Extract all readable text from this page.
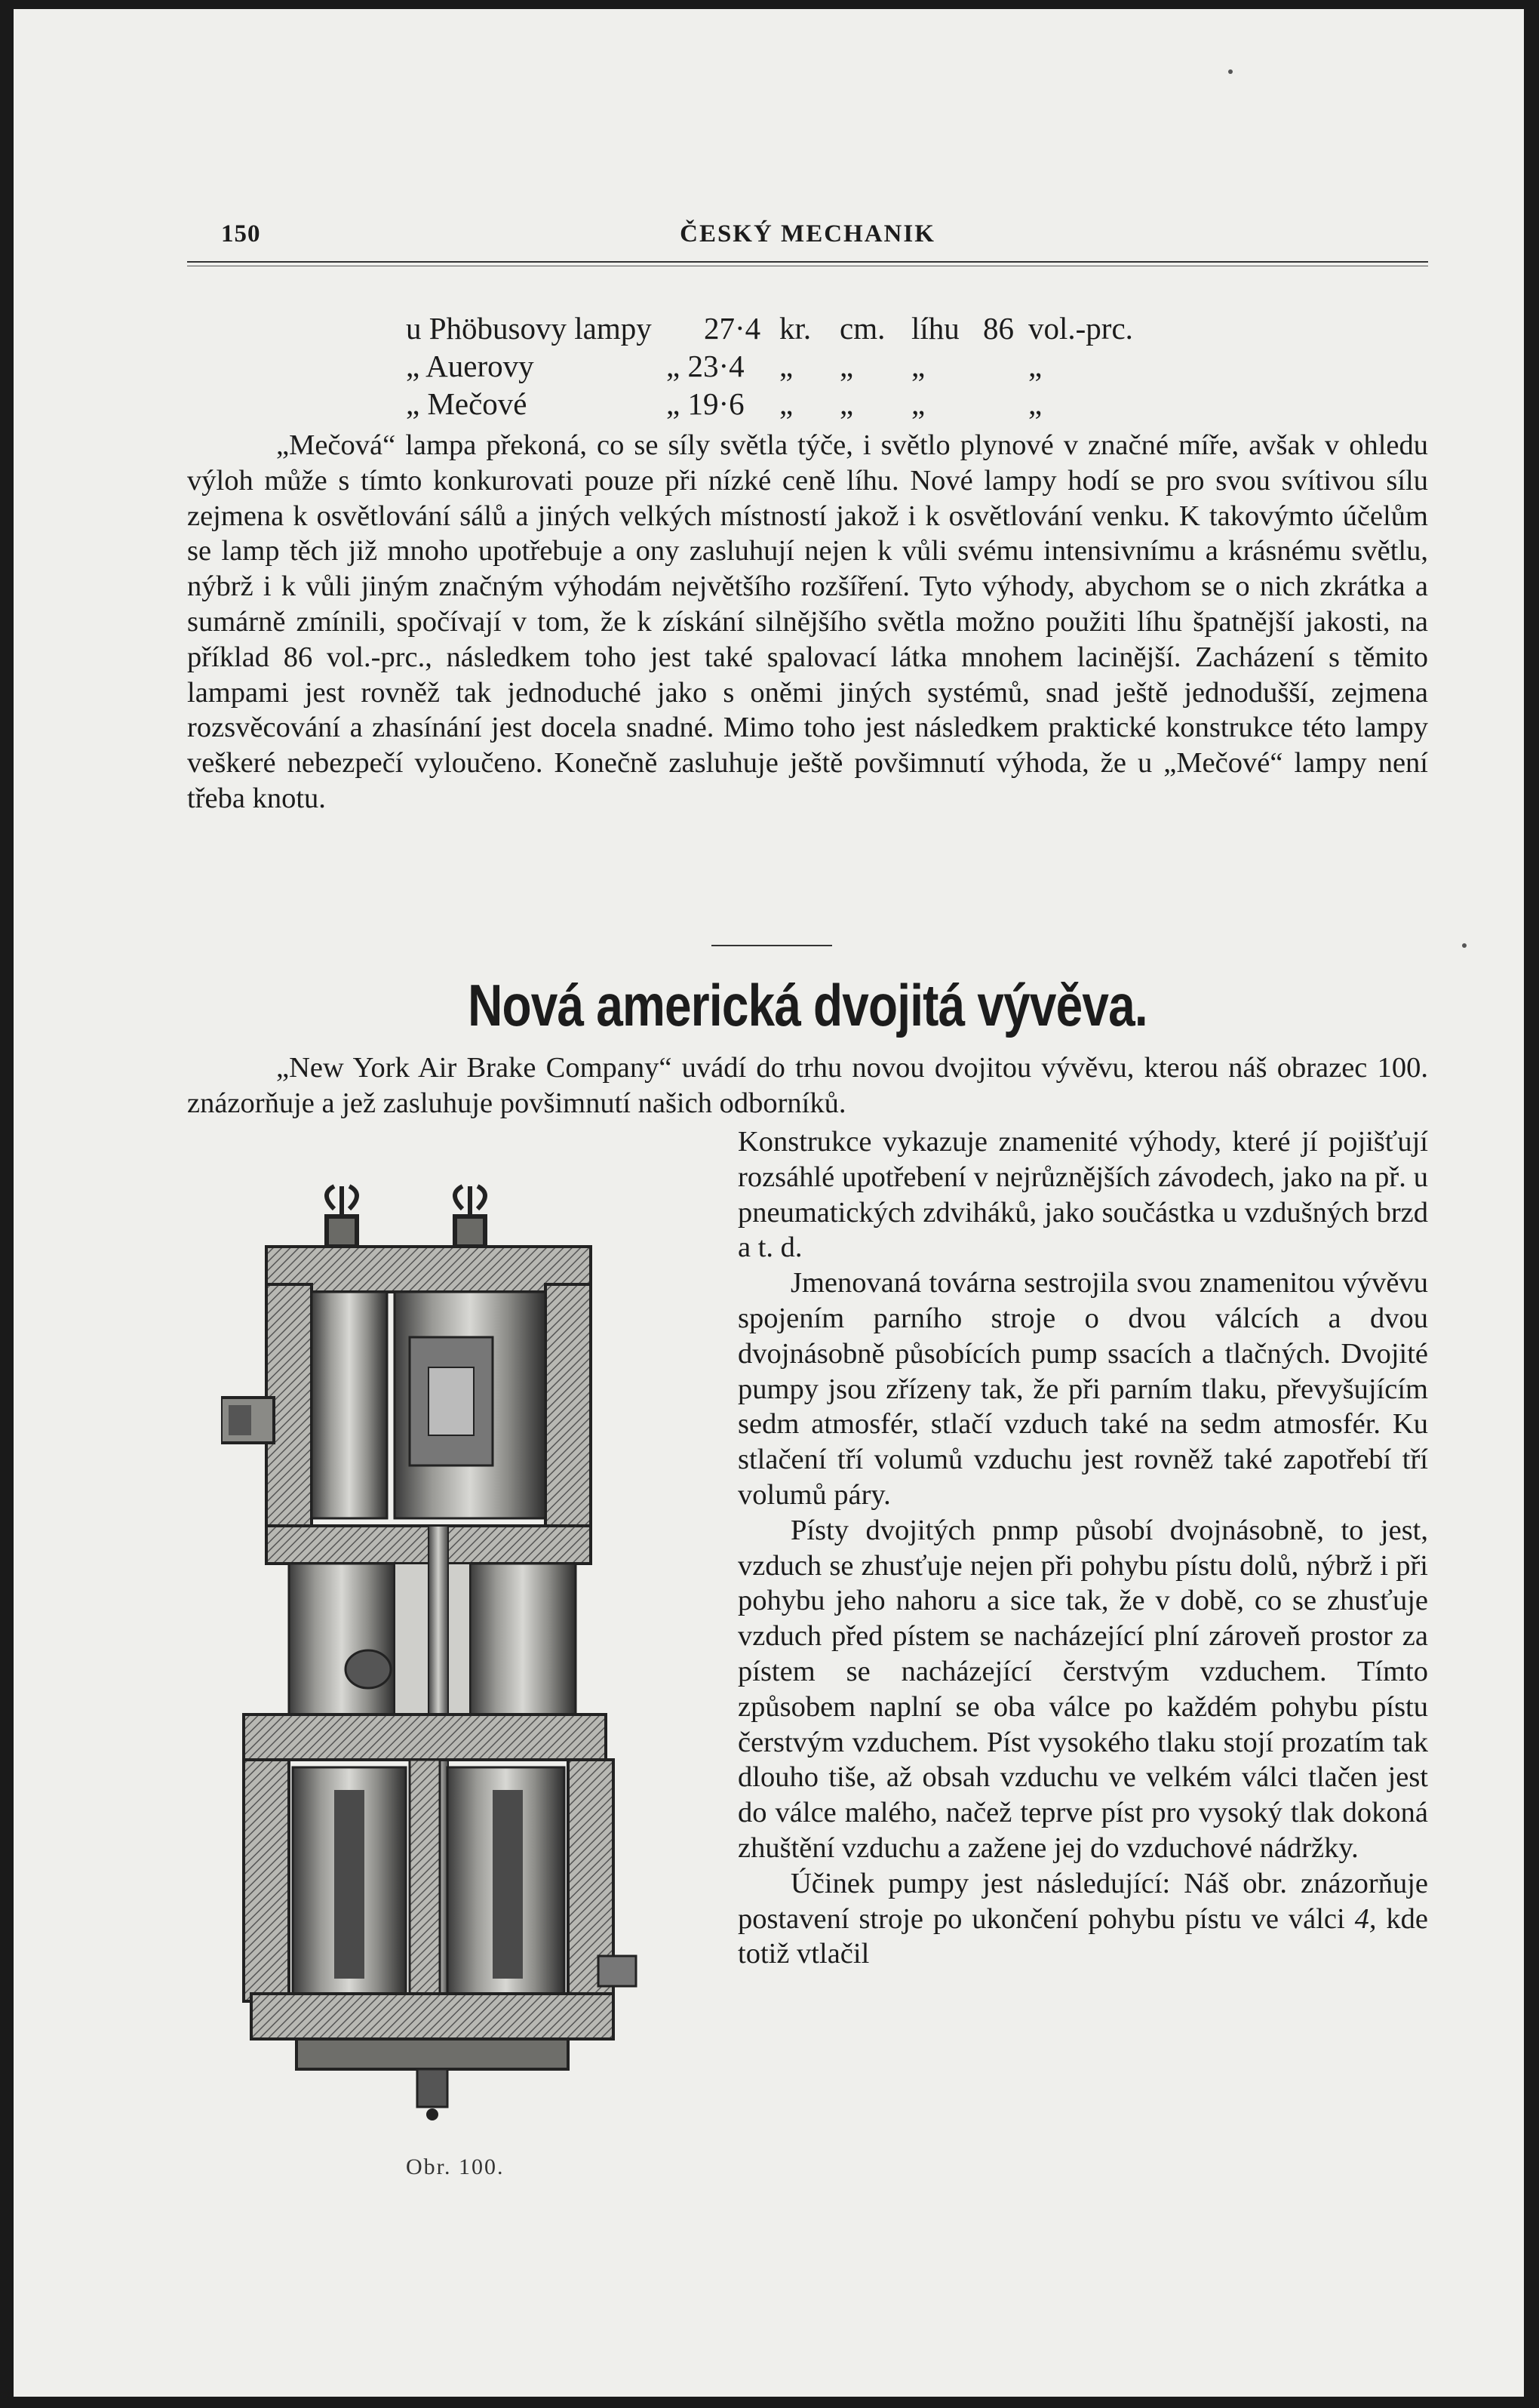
150	ČESKÝ MECHANIK
u Phöbusovy lampy	27·4 kr. cm. líhu 86 vol.-prc.
„ Auerovy	„ 23·4	„	„	„	„
„ Mečové	„ 19·6	„	„	„	„

„Mečová“ lampa překoná, co se síly světla týče, i světlo plynové v značné míře, avšak v ohledu výloh může s tímto konkurovati pouze při nízké ceně líhu. Nové lampy hodí se pro svou svítivou sílu zejmena k osvětlování sálů a jiných velkých místností jakož i k osvětlování venku. K takovýmto účelům se lamp těch již mnoho upotřebuje a ony zasluhují nejen k vůli svému intensivnímu a krásnému světlu, nýbrž i k vůli jiným značným výhodám největšího rozšíření. Tyto výhody, abychom se o nich zkrátka a sumárně zmínili, spočívají v tom, že k získání silnějšího světla možno použiti líhu špatnější jakosti, na příklad 86 vol.-prc., následkem toho jest také spalovací látka mnohem lacinější. Zacházení s těmito lampami jest rovněž tak jednoduché jako s oněmi jiných systémů, snad ještě jednodušší, zejmena rozsvěcování a zhasínání jest docela snadné. Mimo toho jest následkem praktické konstrukce této lampy veškeré nebezpečí vyloučeno. Konečně zasluhuje ještě povšimnutí výhoda, že u „Mečové“ lampy není třeba knotu.

Nová americká dvojitá vývěva.

„New York Air Brake Company“ uvádí do trhu novou dvojitou vývěvu, kterou náš obrazec 100. znázorňuje a jež zasluhuje povšimnutí našich odborníků.

Konstrukce vykazuje znamenité výhody, které jí pojišťují rozsáhlé upotřebení v nejrůznějších závodech, jako na př. u pneumatických zdviháků, jako součástka u vzdušných brzd a t. d.

Jmenovaná továrna sestrojila svou znamenitou vývěvu spojením parního stroje o dvou válcích a dvou dvojnásobně působících pump ssacích a tlačných. Dvojité pumpy jsou zřízeny tak, že při parním tlaku, převyšujícím sedm atmosfér, stlačí vzduch také na sedm atmosfér. Ku stlačení tří volumů vzduchu jest rovněž také zapotřebí tří volumů páry.

Písty dvojitých pnmp působí dvojnásobně, to jest, vzduch se zhusťuje nejen při pohybu pístu dolů, nýbrž i při pohybu jeho nahoru a sice tak, že v době, co se zhusťuje vzduch před pístem se nacházející plní zároveň prostor za pístem se nacházející čerstvým vzduchem. Tímto způsobem naplní se oba válce po každém pohybu pístu čerstvým vzduchem. Píst vysokého tlaku stojí prozatím tak dlouho tiše, až obsah vzduchu ve velkém válci tlačen jest do válce malého, načež teprve píst pro vysoký tlak dokoná zhuštění vzduchu a zažene jej do vzduchové nádržky.

Účinek pumpy jest následující: Náš obr. znázorňuje postavení stroje po ukončení pohybu pístu ve válci 4, kde totiž vtlačil

Obr. 100.
